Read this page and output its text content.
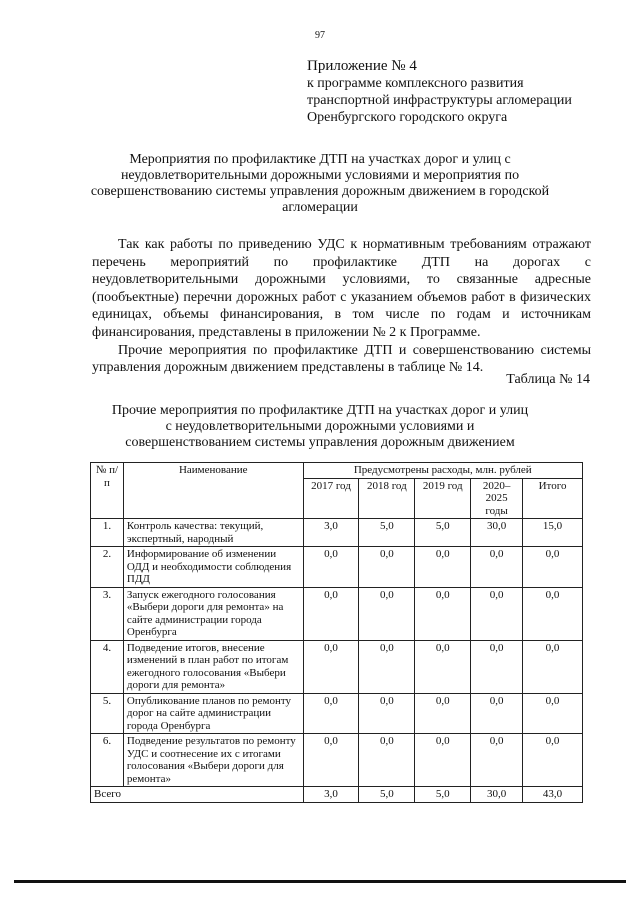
97
Приложение № 4
к программе комплексного развития
транспортной инфраструктуры агломерации
Оренбургского городского округа
Мероприятия по профилактике ДТП на участках дорог и улиц с неудовлетворительными дорожными условиями и мероприятия по совершенствованию системы управления дорожным движением в городской агломерации

Так как работы по приведению УДС к нормативным требованиям отражают перечень мероприятий по профилактике ДТП на дорогах с неудовлетворительными дорожными условиями, то связанные адресные (пообъектные) перечни дорожных работ с указанием объемов работ в физических единицах, объемы финансирования, в том числе по годам и источникам финансирования, представлены в приложении № 2 к Программе.

Прочие мероприятия по профилактике ДТП и совершенствованию системы управления дорожным движением представлены в таблице № 14.

Таблица № 14
Прочие мероприятия по профилактике ДТП на участках дорог и улиц с неудовлетворительными дорожными условиями и совершенствованием системы управления дорожным движением
№ п/п	Наименование	Предусмотрены расходы, млн. рублей				
		2017 год	2018 год	2019 год	2020–2025 годы	Итого
1.	Контроль качества: текущий, экспертный, народный	3,0	5,0	5,0	30,0	15,0
2.	Информирование об изменении ОДД и необходимости соблюдения ПДД	0,0	0,0	0,0	0,0	0,0
3.	Запуск ежегодного голосования «Выбери дороги для ремонта» на сайте администрации города Оренбурга	0,0	0,0	0,0	0,0	0,0
4.	Подведение итогов, внесение изменений в план работ по итогам ежегодного голосования «Выбери дороги для ремонта»	0,0	0,0	0,0	0,0	0,0
5.	Опубликование планов по ремонту дорог на сайте администрации города Оренбурга	0,0	0,0	0,0	0,0	0,0
6.	Подведение результатов по ремонту УДС и соотнесение их с итогами голосования «Выбери дороги для ремонта»	0,0	0,0	0,0	0,0	0,0
Всего		3,0	5,0	5,0	30,0	43,0
